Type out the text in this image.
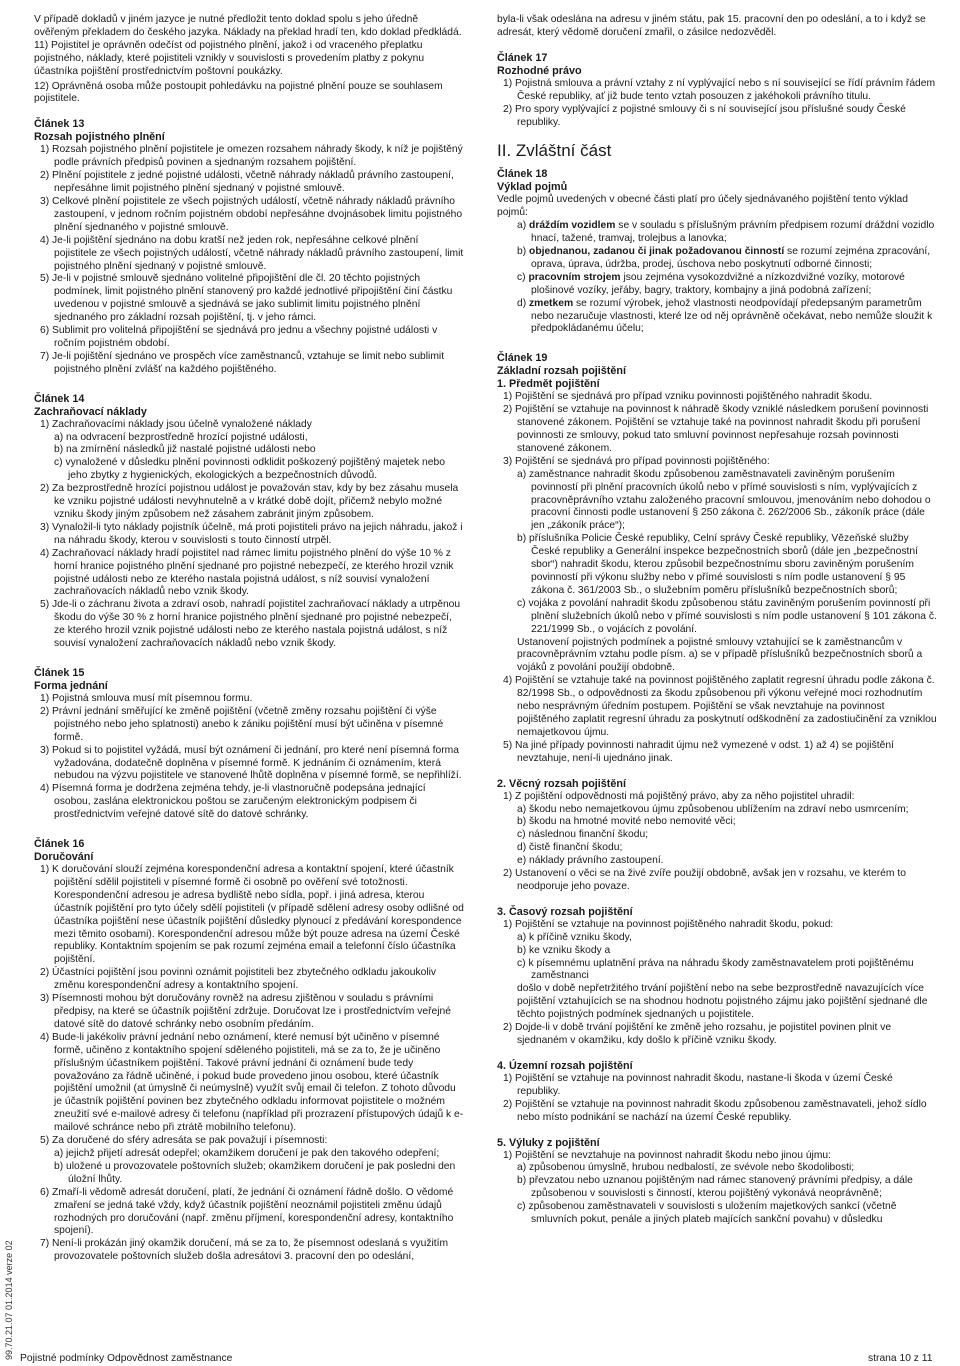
V případě dokladů v jiném jazyce je nutné předložit tento doklad spolu s jeho úředně ověřeným překladem do českého jazyka. Náklady na překlad hradí ten, kdo doklad předkládá.

11) Pojistitel je oprávněn odečíst od pojistného plnění, jakož i od vraceného přeplatku pojistného, náklady, které pojistiteli vznikly v souvislosti s provedením platby z pokynu účastníka pojištění prostřednictvím poštovní poukázky.

12) Oprávněná osoba může postoupit pohledávku na pojistné plnění pouze se souhlasem pojistitele.

Článek 13
Rozsah pojistného plnění

1) Rozsah pojistného plnění pojistitele je omezen rozsahem náhrady škody, k níž je pojištěný podle právních předpisů povinen a sjednaným rozsahem pojištění.

2) Plnění pojistitele z jedné pojistné události, včetně náhrady nákladů právního zastoupení, nepřesáhne limit pojistného plnění sjednaný v pojistné smlouvě.

3) Celkové plnění pojistitele ze všech pojistných událostí, včetně náhrady nákladů právního zastoupení, v jednom ročním pojistném období nepřesáhne dvojnásobek limitu pojistného plnění sjednaného v pojistné smlouvě.

4) Je-li pojištění sjednáno na dobu kratší než jeden rok, nepřesáhne celkové plnění pojistitele ze všech pojistných událostí, včetně náhrady nákladů právního zastoupení, limit pojistného plnění sjednaný v pojistné smlouvě.

5) Je-li v pojistné smlouvě sjednáno volitelné připojištění dle čl. 20 těchto pojistných podmínek, limit pojistného plnění stanovený pro každé jednotlivé připojištění činí částku uvedenou v pojistné smlouvě a sjednává se jako sublimit limitu pojistného plnění sjednaného pro základní rozsah pojištění, tj. v jeho rámci.

6) Sublimit pro volitelná připojištění se sjednává pro jednu a všechny pojistné události v ročním pojistném období.

7) Je-li pojištění sjednáno ve prospěch více zaměstnanců, vztahuje se limit nebo sublimit pojistného plnění zvlášť na každého pojištěného.

Článek 14
Zachraňovací náklady

1) Zachraňovacími náklady jsou účelně vynaložené náklady

a) na odvracení bezprostředně hrozící pojistné události,

b) na zmírnění následků již nastalé pojistné události nebo

c) vynaložené v důsledku plnění povinnosti odklidit poškozený pojištěný majetek nebo jeho zbytky z hygienických, ekologických a bezpečnostních důvodů.

2) Za bezprostředně hrozící pojistnou událost je považován stav, kdy by bez zásahu musela ke vzniku pojistné události nevyhnutelně a v krátké době dojít, přičemž nebylo možné vzniku škody jiným způsobem než zásahem zabránit jiným způsobem.

3) Vynaložil-li tyto náklady pojistník účelně, má proti pojistiteli právo na jejich náhradu, jakož i na náhradu škody, kterou v souvislosti s touto činností utrpěl.

4) Zachraňovací náklady hradí pojistitel nad rámec limitu pojistného plnění do výše 10 % z horní hranice pojistného plnění sjednané pro pojistné nebezpečí, ze kterého hrozil vznik pojistné události nebo ze kterého nastala pojistná událost, s níž souvisí vynaložení zachraňovacích nákladů nebo vznik škody.

5) Jde-li o záchranu života a zdraví osob, nahradí pojistitel zachraňovací náklady a utrpěnou škodu do výše 30 % z horní hranice pojistného plnění sjednané pro pojistné nebezpečí, ze kterého hrozil vznik pojistné události nebo ze kterého nastala pojistná událost, s níž souvisí vynaložení zachraňovacích nákladů nebo vznik škody.

Článek 15
Forma jednání

1) Pojistná smlouva musí mít písemnou formu.

2) Právní jednání směřující ke změně pojištění (včetně změny rozsahu pojištění či výše pojistného nebo jeho splatnosti) anebo k zániku pojištění musí být učiněna v písemné formě.

3) Pokud si to pojistitel vyžádá, musí být oznámení či jednání, pro které není písemná forma vyžadována, dodatečně doplněna v písemné formě. K jednáním či oznámením, která nebudou na výzvu pojistitele ve stanovené lhůtě doplněna v písemné formě, se nepřihlíží.

4) Písemná forma je dodržena zejména tehdy, je-li vlastnoručně podepsána jednající osobou, zaslána elektronickou poštou se zaručeným elektronickým podpisem či prostřednictvím veřejné datové sítě do datové schránky.

Článek 16
Doručování

1) K doručování slouží zejména korespondenční adresa a kontaktní spojení, které účastník pojištění sdělil pojistiteli v písemné formě či osobně po ověření své totožnosti. Korespondenční adresou je adresa bydliště nebo sídla, popř. i jiná adresa, kterou účastník pojištění pro tyto účely sdělí pojistiteli (v případě sdělení adresy osoby odlišné od účastníka pojištění nese účastník pojištění důsledky plynoucí z předávání korespondence mezi těmito osobami). Korespondenční adresou může být pouze adresa na území České republiky. Kontaktním spojením se pak rozumí zejména email a telefonní číslo účastníka pojištění.

2) Účastníci pojištění jsou povinni oznámit pojistiteli bez zbytečného odkladu jakoukoliv změnu korespondenční adresy a kontaktního spojení.

3) Písemnosti mohou být doručovány rovněž na adresu zjištěnou v souladu s právními předpisy, na které se účastník pojištění zdržuje. Doručovat lze i prostřednictvím veřejné datové sítě do datové schránky nebo osobním předáním.

4) Bude-li jakékoliv právní jednání nebo oznámení, které nemusí být učiněno v písemné formě, učiněno z kontaktního spojení sděleného pojistiteli, má se za to, že je učiněno příslušným účastníkem pojištění. Takové právní jednání či oznámení bude tedy považováno za řádně učiněné, i pokud bude provedeno jinou osobou, které účastník pojištění umožnil (at úmyslně či neúmyslně) využít svůj email či telefon. Z tohoto důvodu je účastník pojištění povinen bez zbytečného odkladu informovat pojistitele o možném zneužití své e-mailové adresy či telefonu (například při prozrazení přístupových údajů k e-mailové schránce nebo při ztrátě mobilního telefonu).

5) Za doručené do sféry adresáta se pak považují i písemnosti:

a) jejichž přijetí adresát odepřel; okamžikem doručení je pak den takového odepření;

b) uložené u provozovatele poštovních služeb; okamžikem doručení je pak posledni den úložní lhůty.

6) Zmaří-li vědomě adresát doručení, platí, že jednání či oznámení řádně došlo. O vědomé zmaření se jedná také vždy, když účastník pojištění neoznámil pojistiteli změnu údajů rozhodných pro doručování (např. změnu příjmení, korespondenční adresy, kontaktního spojení).

7) Není-li prokázán jiný okamžik doručení, má se za to, že písemnost odeslaná s využitím provozovatele poštovních služeb došla adresátovi 3. pracovní den po odeslání,

byla-li však odeslána na adresu v jiném státu, pak 15. pracovní den po odeslání, a to i když se adresát, který vědomě doručení zmařil, o zásilce nedozvěděl.

Článek 17
Rozhodné právo

1) Pojistná smlouva a právní vztahy z ní vyplývající nebo s ní související se řídí právním řádem České republiky, ať již bude tento vztah posouzen z jakéhokoli právního titulu.

2) Pro spory vyplývající z pojistné smlouvy či s ní související jsou příslušné soudy České republiky.

II. Zvláštní část
Článek 18
Výklad pojmů

Vedle pojmů uvedených v obecné části platí pro účely sjednávaného pojištění tento výklad pojmů:

a) dráždím vozidlem se v souladu s příslušným právním předpisem rozumí dráždní vozidlo hnací, tažené, tramvaj, trolejbus a lanovka;

b) objednanou, zadanou či jinak požadovanou činností se rozumí zejména zpracování, oprava, úprava, údržba, prodej, úschova nebo poskytnutí odborné činnosti;

c) pracovním strojem jsou zejména vysokozdvižné a nízkozdvižné vozíky, motorové plošinové vozíky, jeřáby, bagry, traktory, kombajny a jiná podobná zařízení;

d) zmetkem se rozumí výrobek, jehož vlastnosti neodpovídají předepsaným parametrům nebo nezaručuje vlastnosti, které lze od něj oprávněně očekávat, nebo nemůže sloužit k předpokládanému účelu;

Článek 19
Základní rozsah pojištění
1. Předmět pojištění

1) Pojištění se sjednává pro případ vzniku povinnosti pojištěného nahradit škodu.

2) Pojištění se vztahuje na povinnost k náhradě škody vzniklé následkem porušení povinnosti stanovené zákonem. Pojištění se vztahuje také na povinnost nahradit škodu při porušení povinnosti ze smlouvy, pokud tato smluvní povinnost nepřesahuje rozsah povinnosti stanovené zákonem.

3) Pojištění se sjednává pro případ povinnosti pojištěného:

a) zaměstnance nahradit škodu způsobenou zaměstnavateli zaviněným porušením povinností při plnění pracovních úkolů nebo v přímé souvislosti s ním, vyplývajících z pracovněprávního vztahu založeného pracovní smlouvou, jmenováním nebo dohodou o pracovní činnosti podle ustanovení § 250 zákona č. 262/2006 Sb., zákoník práce (dále jen „zákoník práce“);

b) příslušníka Policie České republiky, Celní správy České republiky, Vězeňské služby České republiky a Generální inspekce bezpečnostních sborů (dále jen „bezpečnostní sbor“) nahradit škodu, kterou způsobil bezpečnostnímu sboru zaviněným porušením povinností při výkonu služby nebo v přímé souvislosti s ním podle ustanovení § 95 zákona č. 361/2003 Sb., o služebním poměru příslušníků bezpečnostních sborů;

c) vojáka z povolání nahradit škodu způsobenou státu zaviněným porušením povinností při plnění služebních úkolů nebo v přímé souvislosti s ním podle ustanovení § 101 zákona č. 221/1999 Sb., o vojácích z povolání.

Ustanovení pojistných podmínek a pojistné smlouvy vztahující se k zaměstnancům v pracovněprávním vztahu podle písm. a) se v případě příslušníků bezpečnostních sborů a vojáků z povolání použijí obdobně.

4) Pojištění se vztahuje také na povinnost pojištěného zaplatit regresní úhradu podle zákona č. 82/1998 Sb., o odpovědnosti za škodu způsobenou při výkonu veřejné moci rozhodnutím nebo nesprávným úředním postupem. Pojištění se však nevztahuje na povinnost pojištěného zaplatit regresní úhradu za poskytnutí odškodnění za zadostiučinění za vzniklou nemajetkovou újmu.

5) Na jiné případy povinnosti nahradit újmu než vymezené v odst. 1) až 4) se pojištění nevztahuje, není-li ujednáno jinak.

2. Věcný rozsah pojištění

1) Z pojištění odpovědnosti má pojištěný právo, aby za něho pojistitel uhradil:

a) škodu nebo nemajetkovou újmu způsobenou ublížením na zdraví nebo usmrcením;

b) škodu na hmotné movité nebo nemovité věci;

c) následnou finanční škodu;

d) čistě finanční škodu;

e) náklady právního zastoupení.

2) Ustanovení o věci se na živé zvíře použijí obdobně, avšak jen v rozsahu, ve kterém to neodporuje jeho povaze.

3. Časový rozsah pojištění

1) Pojištění se vztahuje na povinnost pojištěného nahradit škodu, pokud:

a) k příčině vzniku škody,

b) ke vzniku škody a

c) k písemnému uplatnění práva na náhradu škody zaměstnavatelem proti pojištěnému zaměstnanci

došlo v době nepřetržitého trvání pojištění nebo na sebe bezprostředně navazujících více pojištění vztahujících se na shodnou hodnotu pojistného zájmu jako pojištění sjednané dle těchto pojistných podmínek sjednaných u pojistitele.

2) Dojde-li v době trvání pojištění ke změně jeho rozsahu, je pojistitel povinen plnit ve sjednaném v okamžiku, kdy došlo k příčině vzniku škody.

4. Územní rozsah pojištění

1) Pojištění se vztahuje na povinnost nahradit škodu, nastane-li škoda v území České republiky.

2) Pojištění se vztahuje na povinnost nahradit škodu způsobenou zaměstnavateli, jehož sídlo nebo místo podnikání se nachází na území České republiky.

5. Výluky z pojištění

1) Pojištění se nevztahuje na povinnost nahradit škodu nebo jinou újmu:

a) způsobenou úmyslně, hrubou nedbalostí, ze svévole nebo škodolibosti;

b) převzatou nebo uznanou pojištěným nad rámec stanovený právními předpisy, a dále způsobenou v souvislosti s činností, kterou pojištěný vykonává neoprávněně;

c) způsobenou zaměstnavateli v souvislosti s uložením majetkových sankcí (včetně smluvních pokut, penále a jiných plateb majících sankční povahu) v důsledku

99.70.21.07 01.2014 verze 02 Pojistné podmínky Odpovědnost zaměstnance	strana 10 z 11
